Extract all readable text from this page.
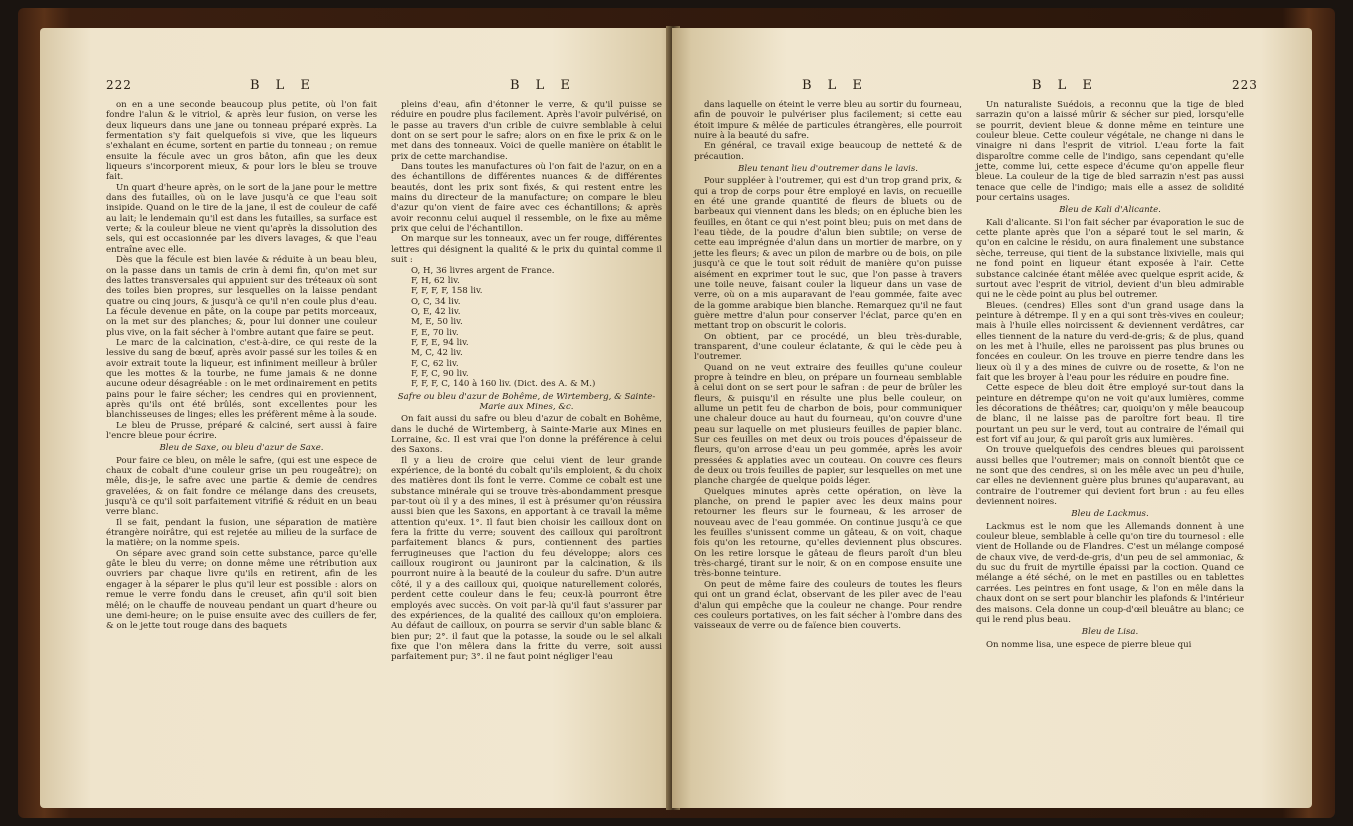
222	B L E	B L E

on en a une seconde beaucoup plus petite, où l'on fait fondre l'alun & le vitriol, & après leur fusion, on verse les deux liqueurs dans une jane ou tonneau préparé exprès. La fermentation s'y fait quelquefois si vive, que les liqueurs s'exhalant en écume, sortent en partie du tonneau ; on remue ensuite la fécule avec un gros bâton, afin que les deux liqueurs s'incorporent mieux, & pour lors le bleu se trouve fait.

Un quart d'heure après, on le sort de la jane pour le mettre dans des futailles, où on le lave jusqu'à ce que l'eau soit insipide. Quand on le tire de la jane, il est de couleur de café au lait; le lendemain qu'il est dans les futailles, sa surface est verte; & la couleur bleue ne vient qu'après la dissolution des sels, qui est occasionnée par les divers lavages, & que l'eau entraîne avec elle.

Dès que la fécule est bien lavée & réduite à un beau bleu, on la passe dans un tamis de crin à demi fin, qu'on met sur des lattes transversales qui appuient sur des tréteaux où sont des toiles bien propres, sur lesquelles on la laisse pendant quatre ou cinq jours, & jusqu'à ce qu'il n'en coule plus d'eau. La fécule devenue en pâte, on la coupe par petits morceaux, on la met sur des planches; &, pour lui donner une couleur plus vive, on la fait sécher à l'ombre autant que faire se peut.

Le marc de la calcination, c'est-à-dire, ce qui reste de la lessive du sang de bœuf, après avoir passé sur les toiles & en avoir extrait toute la liqueur, est infiniment meilleur à brûler que les mottes & la tourbe, ne fume jamais & ne donne aucune odeur désagréable : on le met ordinairement en petits pains pour le faire sécher; les cendres qui en proviennent, après qu'ils ont été brûlés, sont excellentes pour les blanchisseuses de linges; elles les préfèrent même à la soude.

Le bleu de Prusse, préparé & calciné, sert aussi à faire l'encre bleue pour écrire.

Bleu de Saxe, ou bleu d'azur de Saxe.

Pour faire ce bleu, on mêle le safre, (qui est une espece de chaux de cobalt d'une couleur grise un peu rougeâtre); on mêle, dis-je, le safre avec une partie & demie de cendres gravelées, & on fait fondre ce mélange dans des creusets, jusqu'à ce qu'il soit parfaitement vitrifié & réduit en un beau verre blanc.

Il se fait, pendant la fusion, une séparation de matière étrangère noirâtre, qui est rejetée au milieu de la surface de la matière; on la nomme speis.

On sépare avec grand soin cette substance, parce qu'elle gâte le bleu du verre; on donne même une rétribution aux ouvriers par chaque livre qu'ils en retirent, afin de les engager à la séparer le plus qu'il leur est possible : alors on remue le verre fondu dans le creuset, afin qu'il soit bien mêlé; on le chauffe de nouveau pendant un quart d'heure ou une demi-heure; on le puise ensuite avec des cuillers de fer, & on le jette tout rouge dans des baquets

pleins d'eau, afin d'étonner le verre, & qu'il puisse se réduire en poudre plus facilement. Après l'avoir pulvérisé, on le passe au travers d'un crible de cuivre semblable à celui dont on se sert pour le safre; alors on en fixe le prix & on le met dans des tonneaux. Voici de quelle manière on établit le prix de cette marchandise.

Dans toutes les manufactures où l'on fait de l'azur, on en a des échantillons de différentes nuances & de différentes beautés, dont les prix sont fixés, & qui restent entre les mains du directeur de la manufacture; on compare le bleu d'azur qu'on vient de faire avec ces échantillons; & après avoir reconnu celui auquel il ressemble, on le fixe au même prix que celui de l'échantillon.

On marque sur les tonneaux, avec un fer rouge, différentes lettres qui désignent la qualité & le prix du quintal comme il suit :

O, H, 36 livres argent de France.

F, H, 62 liv.

F, F, F, F, 158 liv.

O, C, 34 liv.

O, E, 42 liv.

M, E, 50 liv.

F, E, 70 liv.

F, F, E, 94 liv.

M, C, 42 liv.

F, C, 62 liv.

F, F, C, 90 liv.

F, F, F, C, 140 à 160 liv. (Dict. des A. & M.)

Safre ou bleu d'azur de Bohême, de Wirtemberg, & Sainte-Marie aux Mines, &c.

On fait aussi du safre ou bleu d'azur de cobalt en Bohême, dans le duché de Wirtemberg, à Sainte-Marie aux Mines en Lorraine, &c. Il est vrai que l'on donne la préférence à celui des Saxons.

Il y a lieu de croire que celui vient de leur grande expérience, de la bonté du cobalt qu'ils emploient, & du choix des matières dont ils font le verre. Comme ce cobalt est une substance minérale qui se trouve très-abondamment presque par-tout où il y a des mines, il est à présumer qu'on réussira aussi bien que les Saxons, en apportant à ce travail la même attention qu'eux. 1°. Il faut bien choisir les cailloux dont on fera la fritte du verre; souvent des cailloux qui paroîtront parfaitement blancs & purs, contiennent des parties ferrugineuses que l'action du feu développe; alors ces cailloux rougiront ou jauniront par la calcination, & ils pourront nuire à la beauté de la couleur du safre. D'un autre côté, il y a des cailloux qui, quoique naturellement colorés, perdent cette couleur dans le feu; ceux-là pourront être employés avec succès. On voit par-là qu'il faut s'assurer par des expériences, de la qualité des cailloux qu'on emploiera. Au défaut de cailloux, on pourra se servir d'un sable blanc & bien pur; 2°. il faut que la potasse, la soude ou le sel alkali fixe que l'on mêlera dans la fritte du verre, soit aussi parfaitement pur; 3°. il ne faut point négliger l'eau

B L E	B L E	223

dans laquelle on éteint le verre bleu au sortir du fourneau, afin de pouvoir le pulvériser plus facilement; si cette eau étoit impure & mêlée de particules étrangères, elle pourroit nuire à la beauté du safre.

En général, ce travail exige beaucoup de netteté & de précaution.

Bleu tenant lieu d'outremer dans le lavis.

Pour suppléer à l'outremer, qui est d'un trop grand prix, & qui a trop de corps pour être employé en lavis, on recueille en été une grande quantité de fleurs de bluets ou de barbeaux qui viennent dans les bleds; on en épluche bien les feuilles, en ôtant ce qui n'est point bleu; puis on met dans de l'eau tiède, de la poudre d'alun bien subtile; on verse de cette eau imprégnée d'alun dans un mortier de marbre, on y jette les fleurs; & avec un pilon de marbre ou de bois, on pile jusqu'à ce que le tout soit réduit de manière qu'on puisse aisément en exprimer tout le suc, que l'on passe à travers une toile neuve, faisant couler la liqueur dans un vase de verre, où on a mis auparavant de l'eau gommée, faite avec de la gomme arabique bien blanche. Remarquez qu'il ne faut guère mettre d'alun pour conserver l'éclat, parce qu'en en mettant trop on obscurit le coloris.

On obtient, par ce procédé, un bleu très-durable, transparent, d'une couleur éclatante, & qui le cède peu à l'outremer.

Quand on ne veut extraire des feuilles qu'une couleur propre à teindre en bleu, on prépare un fourneau semblable à celui dont on se sert pour le safran : de peur de brûler les fleurs, & puisqu'il en résulte une plus belle couleur, on allume un petit feu de charbon de bois, pour communiquer une chaleur douce au haut du fourneau, qu'on couvre d'une peau sur laquelle on met plusieurs feuilles de papier blanc. Sur ces feuilles on met deux ou trois pouces d'épaisseur de fleurs, qu'on arrose d'eau un peu gommée, après les avoir pressées & applaties avec un couteau. On couvre ces fleurs de deux ou trois feuilles de papier, sur lesquelles on met une planche chargée de quelque poids léger.

Quelques minutes après cette opération, on lève la planche, on prend le papier avec les deux mains pour retourner les fleurs sur le fourneau, & les arroser de nouveau avec de l'eau gommée. On continue jusqu'à ce que les feuilles s'unissent comme un gâteau, & on voit, chaque fois qu'on les retourne, qu'elles deviennent plus obscures. On les retire lorsque le gâteau de fleurs paroît d'un bleu très-chargé, tirant sur le noir, & on en compose ensuite une très-bonne teinture.

On peut de même faire des couleurs de toutes les fleurs qui ont un grand éclat, observant de les piler avec de l'eau d'alun qui empêche que la couleur ne change. Pour rendre ces couleurs portatives, on les fait sécher à l'ombre dans des vaisseaux de verre ou de faïence bien couverts.

Un naturaliste Suédois, a reconnu que la tige de bled sarrazin qu'on a laissé mûrir & sécher sur pied, lorsqu'elle se pourrit, devient bleue & donne même en teinture une couleur bleue. Cette couleur végétale, ne change ni dans le vinaigre ni dans l'esprit de vitriol. L'eau forte la fait disparoître comme celle de l'indigo, sans cependant qu'elle jette, comme lui, cette espece d'écume qu'on appelle fleur bleue. La couleur de la tige de bled sarrazin n'est pas aussi tenace que celle de l'indigo; mais elle a assez de solidité pour certains usages.

Bleu de Kali d'Alicante.

Kali d'alicante. Si l'on fait sécher par évaporation le suc de cette plante après que l'on a séparé tout le sel marin, & qu'on en calcine le résidu, on aura finalement une substance sèche, terreuse, qui tient de la substance lixivielle, mais qui ne fond point en liqueur étant exposée à l'air. Cette substance calcinée étant mêlée avec quelque esprit acide, & surtout avec l'esprit de vitriol, devient d'un bleu admirable qui ne le cède point au plus bel outremer.

Bleues. (cendres) Elles sont d'un grand usage dans la peinture à détrempe. Il y en a qui sont très-vives en couleur; mais à l'huile elles noircissent & deviennent verdâtres, car elles tiennent de la nature du verd-de-gris; & de plus, quand on les met à l'huile, elles ne paroissent pas plus brunes ou foncées en couleur. On les trouve en pierre tendre dans les lieux où il y a des mines de cuivre ou de rosette, & l'on ne fait que les broyer à l'eau pour les réduire en poudre fine.

Cette espece de bleu doit être employé sur-tout dans la peinture en détrempe qu'on ne voit qu'aux lumières, comme les décorations de théâtres; car, quoiqu'on y mêle beaucoup de blanc, il ne laisse pas de paroître fort beau. Il tire pourtant un peu sur le verd, tout au contraire de l'émail qui est fort vif au jour, & qui paroît gris aux lumières.

On trouve quelquefois des cendres bleues qui paroissent aussi belles que l'outremer; mais on connoît bientôt que ce ne sont que des cendres, si on les mêle avec un peu d'huile, car elles ne deviennent guère plus brunes qu'auparavant, au contraire de l'outremer qui devient fort brun : au feu elles deviennent noires.

Bleu de Lackmus.

Lackmus est le nom que les Allemands donnent à une couleur bleue, semblable à celle qu'on tire du tournesol : elle vient de Hollande ou de Flandres. C'est un mélange composé de chaux vive, de verd-de-gris, d'un peu de sel ammoniac, & du suc du fruit de myrtille épaissi par la coction. Quand ce mélange a été séché, on le met en pastilles ou en tablettes carrées. Les peintres en font usage, & l'on en mêle dans la chaux dont on se sert pour blanchir les plafonds & l'intérieur des maisons. Cela donne un coup-d'œil bleuâtre au blanc; ce qui le rend plus beau.

Bleu de Lisa.

On nomme lisa, une espece de pierre bleue qui
